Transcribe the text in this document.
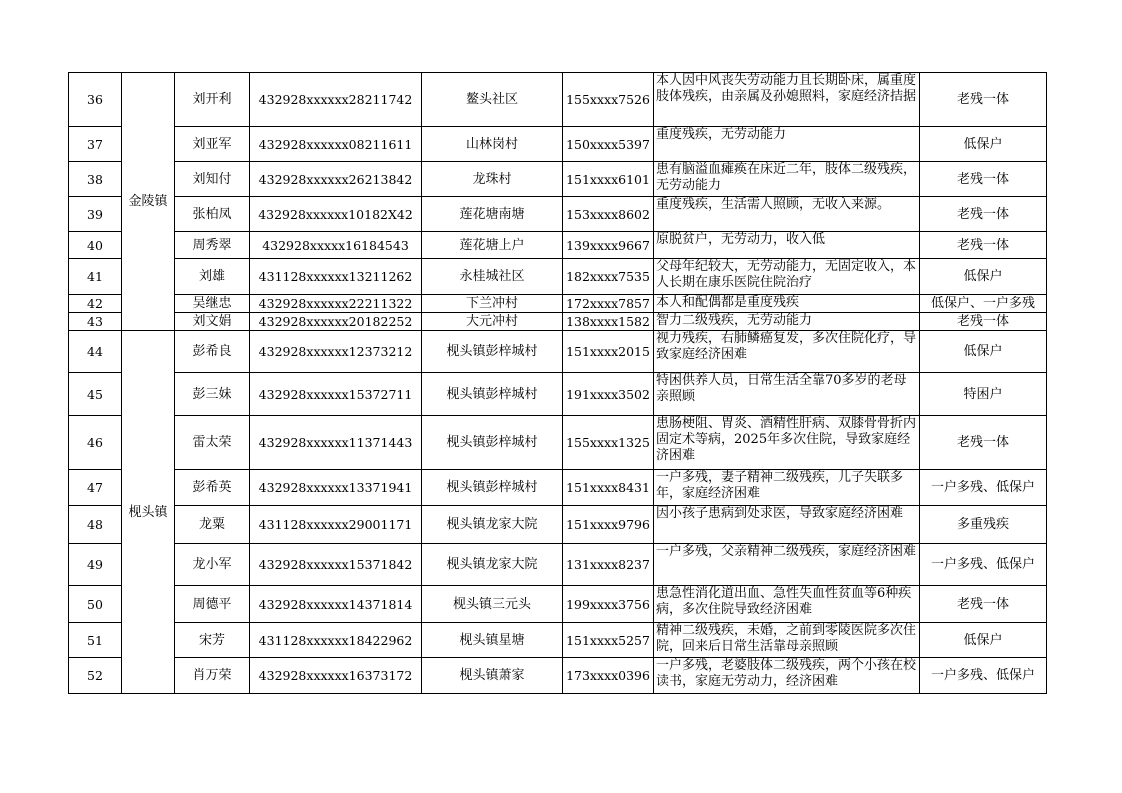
36	金陵镇	刘开利	432928xxxxxx28211742	鳌头社区	155xxxx7526	本人因中风丧失劳动能力且长期卧床，属重度肢体残疾，由亲属及孙媳照料，家庭经济拮据	老残一体
37		刘亚军	432928xxxxxx08211611	山林岗村	150xxxx5397	重度残疾，无劳动能力	低保户
38		刘知付	432928xxxxxx26213842	龙珠村	151xxxx6101	患有脑溢血瘫痪在床近二年，肢体二级残疾，无劳动能力	老残一体
39		张柏凤	432928xxxxxx10182X42	莲花塘南塘	153xxxx8602	重度残疾，生活需人照顾，无收入来源。	老残一体
40		周秀翠	432928xxxxx16184543	莲花塘上户	139xxxx9667	原脱贫户，无劳动力，收入低	老残一体
41		刘雄	431128xxxxxx13211262	永桂城社区	182xxxx7535	父母年纪较大，无劳动能力，无固定收入，本人长期在康乐医院住院治疗	低保户
42		吴继忠	432928xxxxxx22211322	下兰冲村	172xxxx7857	本人和配偶都是重度残疾	低保户、一户多残
43		刘文娟	432928xxxxxx20182252	大元冲村	138xxxx1582	智力二级残疾，无劳动能力	老残一体
44	枧头镇	彭希良	432928xxxxxx12373212	枧头镇彭梓城村	151xxxx2015	视力残疾，右肺鳞癌复发，多次住院化疗，导致家庭经济困难	低保户
45		彭三妹	432928xxxxxx15372711	枧头镇彭梓城村	191xxxx3502	特困供养人员，日常生活全靠70多岁的老母亲照顾	特困户
46		雷太荣	432928xxxxxx11371443	枧头镇彭梓城村	155xxxx1325	患肠梗阻、胃炎、酒精性肝病、双膝骨骨折内固定术等病，2025年多次住院，导致家庭经济困难	老残一体
47		彭希英	432928xxxxxx13371941	枧头镇彭梓城村	151xxxx8431	一户多残，妻子精神二级残疾，儿子失联多年，家庭经济困难	一户多残、低保户
48		龙粟	431128xxxxxx29001171	枧头镇龙家大院	151xxxx9796	因小孩子患病到处求医，导致家庭经济困难	多重残疾
49		龙小军	432928xxxxxx15371842	枧头镇龙家大院	131xxxx8237	一户多残，父亲精神二级残疾，家庭经济困难	一户多残、低保户
50		周德平	432928xxxxxx14371814	枧头镇三元头	199xxxx3756	患急性消化道出血、急性失血性贫血等6种疾病，多次住院导致经济困难	老残一体
51		宋芳	431128xxxxxx18422962	枧头镇星塘	151xxxx5257	精神二级残疾，未婚，之前到零陵医院多次住院，回来后日常生活靠母亲照顾	低保户
52		肖万荣	432928xxxxxx16373172	枧头镇萧家	173xxxx0396	一户多残，老婆肢体二级残疾，两个小孩在校读书，家庭无劳动力，经济困难	一户多残、低保户
